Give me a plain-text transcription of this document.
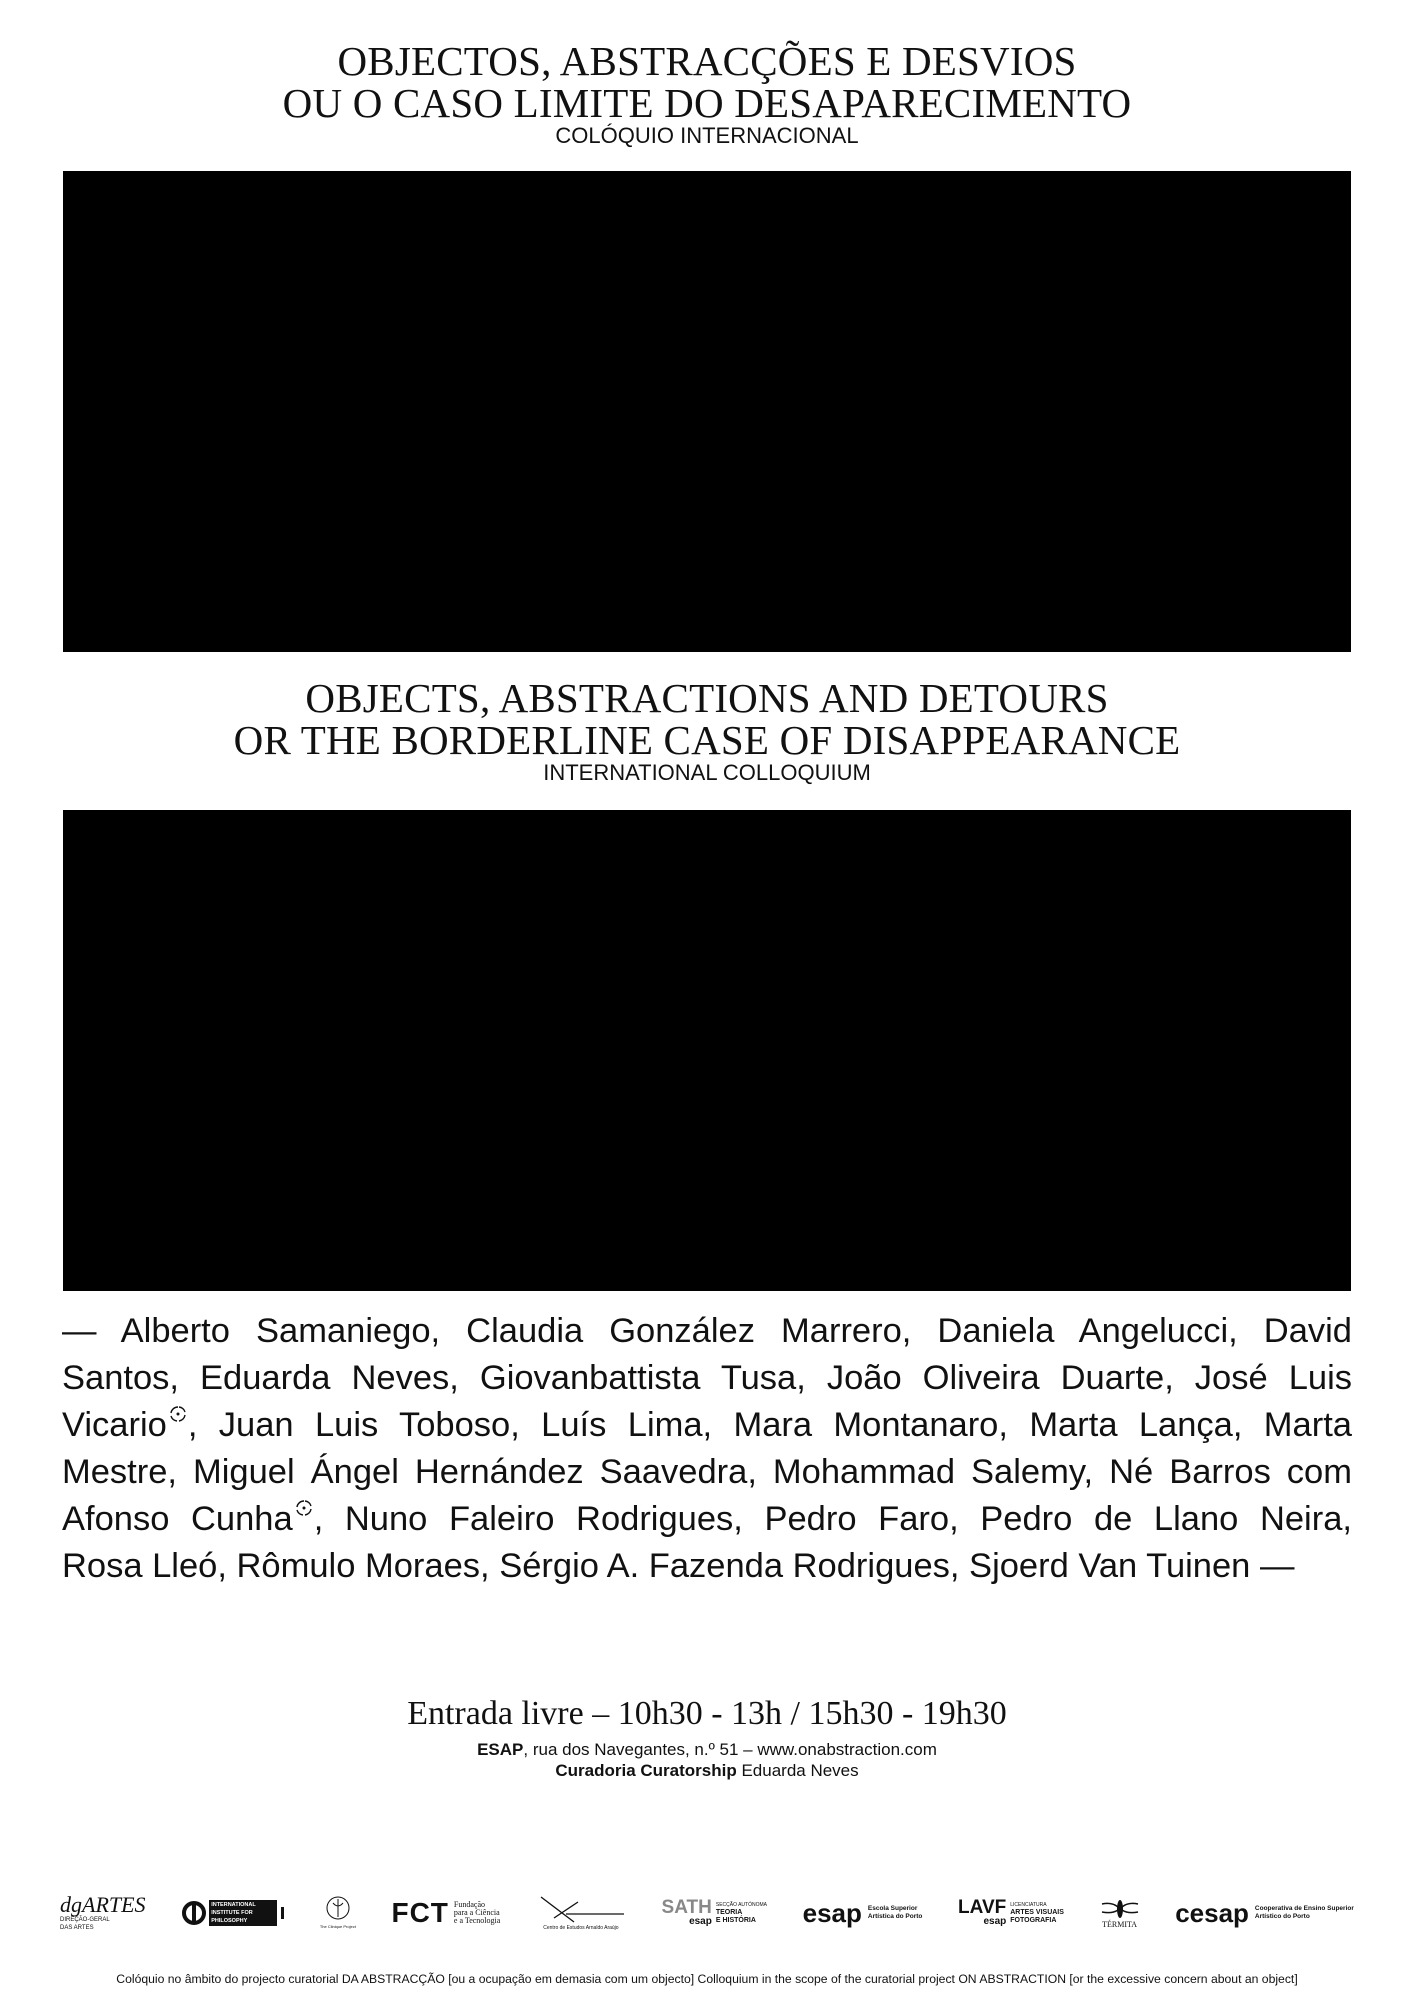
OBJECTOS, ABSTRACÇÕES E DESVIOS
OU O CASO LIMITE DO DESAPARECIMENTO
COLÓQUIO INTERNACIONAL
OBJECTS, ABSTRACTIONS AND DETOURS
OR THE BORDERLINE CASE OF DISAPPEARANCE
INTERNATIONAL COLLOQUIUM
— Alberto Samaniego, Claudia González Marrero, Daniela Angelucci, David
Santos, Eduarda Neves, Giovanbattista Tusa, João Oliveira Duarte, José Luis
Vicario , Juan Luis Toboso, Luís Lima, Mara Montanaro, Marta Lança, Marta
Mestre, Miguel Ángel Hernández Saavedra, Mohammad Salemy, Né Barros com
Afonso Cunha , Nuno Faleiro Rodrigues, Pedro Faro, Pedro de Llano Neira,
Rosa Lleó, Rômulo Moraes, Sérgio A. Fazenda Rodrigues, Sjoerd Van Tuinen —
Entrada livre – 10h30 - 13h / 15h30 - 19h30
ESAP, rua dos Navegantes, n.º 51 – www.onabstraction.com
Curadoria Curatorship Eduarda Neves
dgARTES
DIREÇÃO-GERAL DAS ARTES
INTERNATIONAL INSTITUTE FOR PHILOSOPHY
The Clinique Project FCT Fundação
para a Ciência
e a Tecnologia
Centro de Estudos Arnaldo Araújo
SATH
esap
SECÇÃO AUTÓNOMA
TEORIA
E HISTÓRIA	esap Escola Superior
Artística do Porto LAVF
esap
LICENCIATURA
ARTES VISUAIS
FOTOGRAFIA	TÉRMITA cesap Cooperativa de Ensino Superior
Artístico do Porto
Colóquio no âmbito do projecto curatorial DA ABSTRACÇÃO [ou a ocupação em demasia com um objecto] Colloquium in the scope of the curatorial project ON ABSTRACTION [or the excessive concern about an object]
